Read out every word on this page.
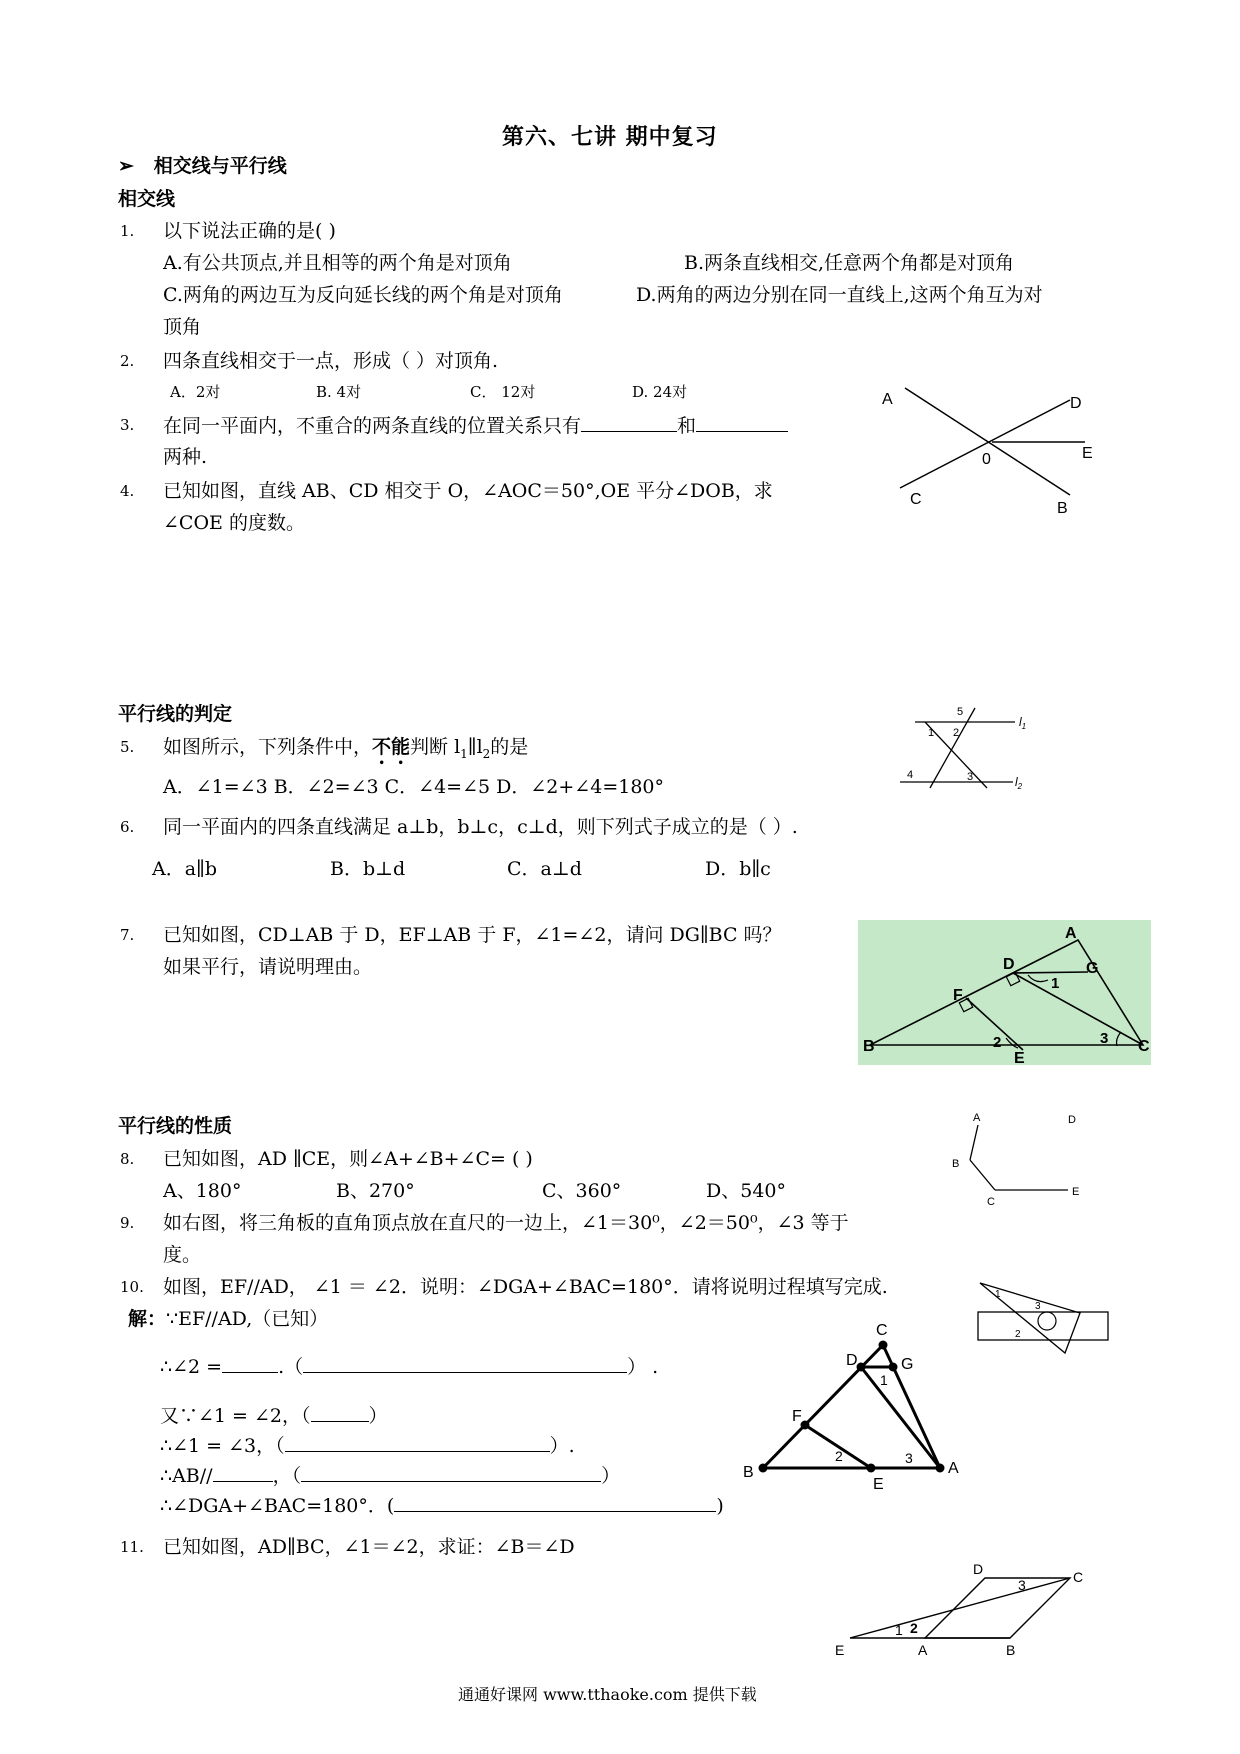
第六、七讲 期中复习
➢ 相交线与平行线
相交线
1. 以下说法正确的是( )
A.有公共顶点,并且相等的两个角是对顶角	B.两条直线相交,任意两个角都是对顶角
C.两角的两边互为反向延长线的两个角是对顶角	D.两角的两边分别在同一直线上,这两个角互为对
顶角
2. 四条直线相交于一点，形成（ ）对顶角.
A．2对	B. 4对	C． 12对	D. 24对
3. 在同一平面内，不重合的两条直线的位置关系只有	和
两种.
4. 已知如图，直线 AB、CD 相交于 O，∠AOC＝50°,OE 平分∠DOB，求
∠COE 的度数。
A	D
0	E
C
B
平行线的判定
5. 如图所示，下列条件中，不能判断 $l_1\parallel l_2$的是
A．∠1=∠3 B．∠2=∠3 C．∠4=∠5 D．∠2+∠4=180°
1 2
5
3
4
$l_1$
$l_2$
6. 同一平面内的四条直线满足 a⊥b，b⊥c，c⊥d，则下列式子成立的是（ ）.
A．a∥b	B．b⊥d	C．a⊥d	D．b∥c
7. 已知如图，CD⊥AB 于 D，EF⊥AB 于 F，∠1=∠2，请问 DG∥BC 吗？
如果平行，请说明理由。
A
D	G
1
F
B	2	3 C
E
平行线的性质
8. 已知如图，AD ∥CE，则∠A+∠B+∠C= ( )
A、180°	B、270°	C、360°	D、540°
A	D
B
C
E
9. 如右图，将三角板的直角顶点放在直尺的一边上，∠1＝30⁰，∠2＝50⁰，∠3 等于
度。
1
2
3
10. 如图，EF//AD， ∠1 ＝ ∠2．说明：∠DGA+∠BAC=180°．请将说明过程填写完成.
解：∵EF//AD,（已知）
∴∠2 =	.（	） .
又∵∠1 = ∠2，（	）
∴∠1 = ∠3，（	）.
∴AB//	，（	）
∴∠DGA+∠BAC=180°．(	)
C
D	G
1
F
2	3
B
E
A
11. 已知如图，AD∥BC，∠1＝∠2，求证：∠B＝∠D
D
3	C
E
1 2
A	B
通通好课网 www.tthaoke.com 提供下载
